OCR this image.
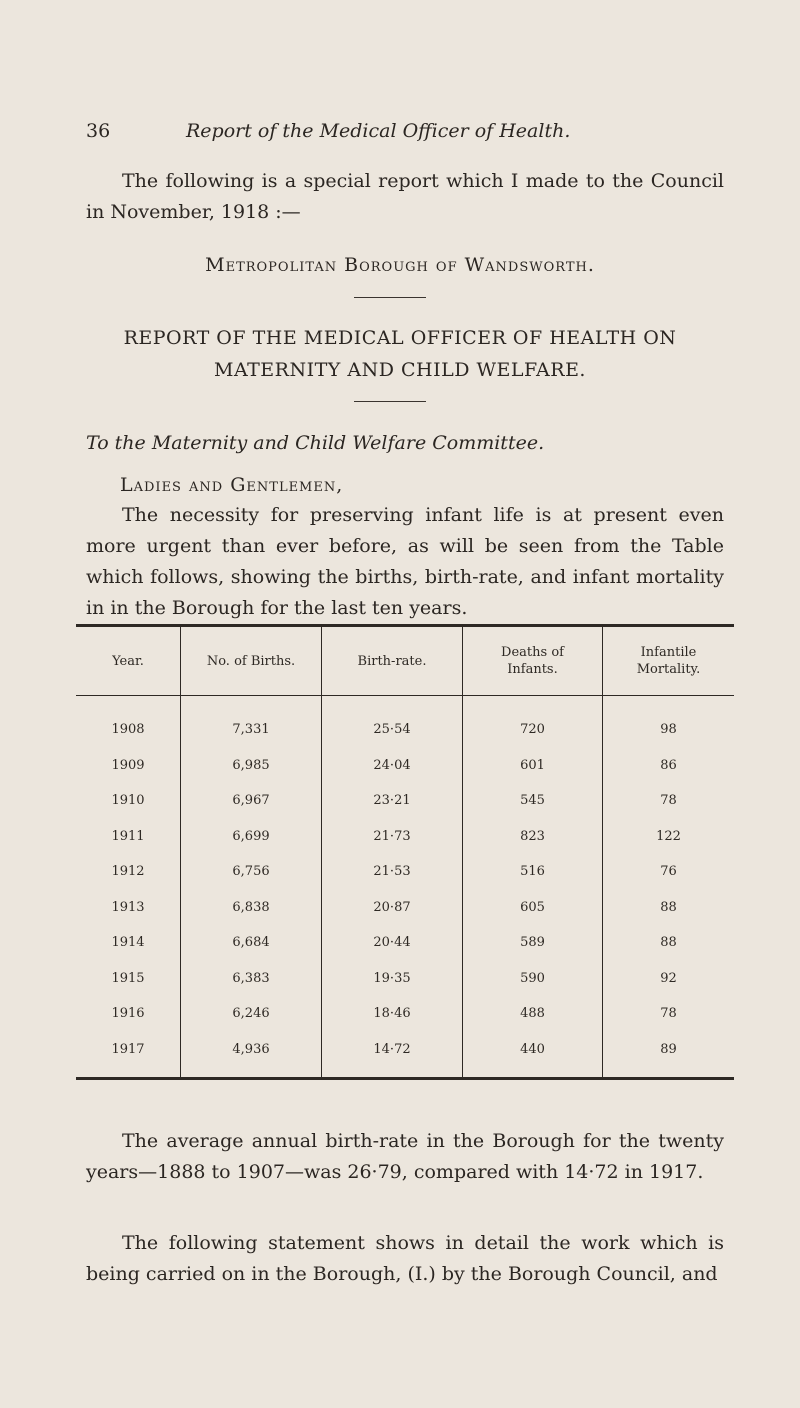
36	Report of the Medical Officer of Health.
The following is a special report which I made to the Council in November, 1918 :—
Metropolitan Borough of Wandsworth.
REPORT OF THE MEDICAL OFFICER OF HEALTH ON
MATERNITY AND CHILD WELFARE.
To the Maternity and Child Welfare Committee.
Ladies and Gentlemen,
The necessity for preserving infant life is at present even more urgent than ever before, as will be seen from the Table which follows, showing the births, birth-rate, and infant mortality in in the Borough for the last ten years.

Year.	No. of Births.	Birth-rate.	Deaths of Infants.	Infantile Mortality.
1908	7,331	25·54	720	98
1909	6,985	24·04	601	86
1910	6,967	23·21	545	78
1911	6,699	21·73	823	122
1912	6,756	21·53	516	76
1913	6,838	20·87	605	88
1914	6,684	20·44	589	88
1915	6,383	19·35	590	92
1916	6,246	18·46	488	78
1917	4,936	14·72	440	89

The average annual birth-rate in the Borough for the twenty years—1888 to 1907—was 26·79, compared with 14·72 in 1917.
The following statement shows in detail the work which is being carried on in the Borough, (I.) by the Borough Council, and
